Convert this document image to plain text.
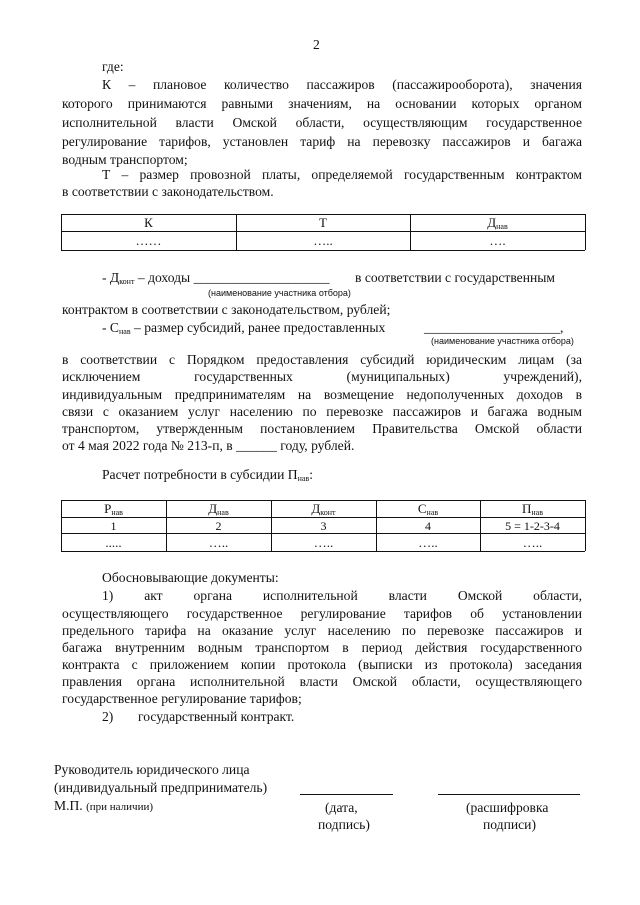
2
где:
К – плановое количество пассажиров (пассажирооборота), значения
которого принимаются равными значениям, на основании которых органом
исполнительной власти Омской области, осуществляющим государственное
регулирование тарифов, установлен тариф на перевозку пассажиров и багажа
водным транспортом;
Т – размер провозной платы, определяемой государственным контрактом
в соответствии с законодательством.
К	Т	$Д_{нав}$
……	…..	….
- $Д_{конт}$ – доходы ____________________ в соответствии с государственным
(наименование участника отбора)
контрактом в соответствии с законодательством, рублей;
- $С_{нав}$ – размер субсидий, ранее предоставленных	____________________,
(наименование участника отбора)
в соответствии с Порядком предоставления субсидий юридическим лицам (за
исключением государственных (муниципальных) учреждений),
индивидуальным предпринимателям на возмещение недополученных доходов в
связи с оказанием услуг населению по перевозке пассажиров и багажа водным
транспортом, утвержденным постановлением Правительства Омской области
от 4 мая 2022 года № 213-п, в ______ году, рублей.
Расчет потребности в субсидии $П_{нав}$:
$Р_{нав}$	$Д_{нав}$	$Д_{конт}$	$С_{нав}$	$П_{нав}$
1	2	3	4	5 = 1-2-3-4
.....	…..	…..	…..	…..
Обосновывающие документы:
1) акт органа исполнительной власти Омской области,
осуществляющего государственное регулирование тарифов об установлении
предельного тарифа на оказание услуг населению по перевозке пассажиров и
багажа внутренним водным транспортом в период действия государственного
контракта с приложением копии протокола (выписки из протокола) заседания
правления органа исполнительной власти Омской области, осуществляющего
государственное регулирование тарифов;
2) государственный контракт.
Руководитель юридического лица
(индивидуальный предприниматель)
М.П. (при наличии)	(дата,
подпись)
(расшифровка
подписи)
